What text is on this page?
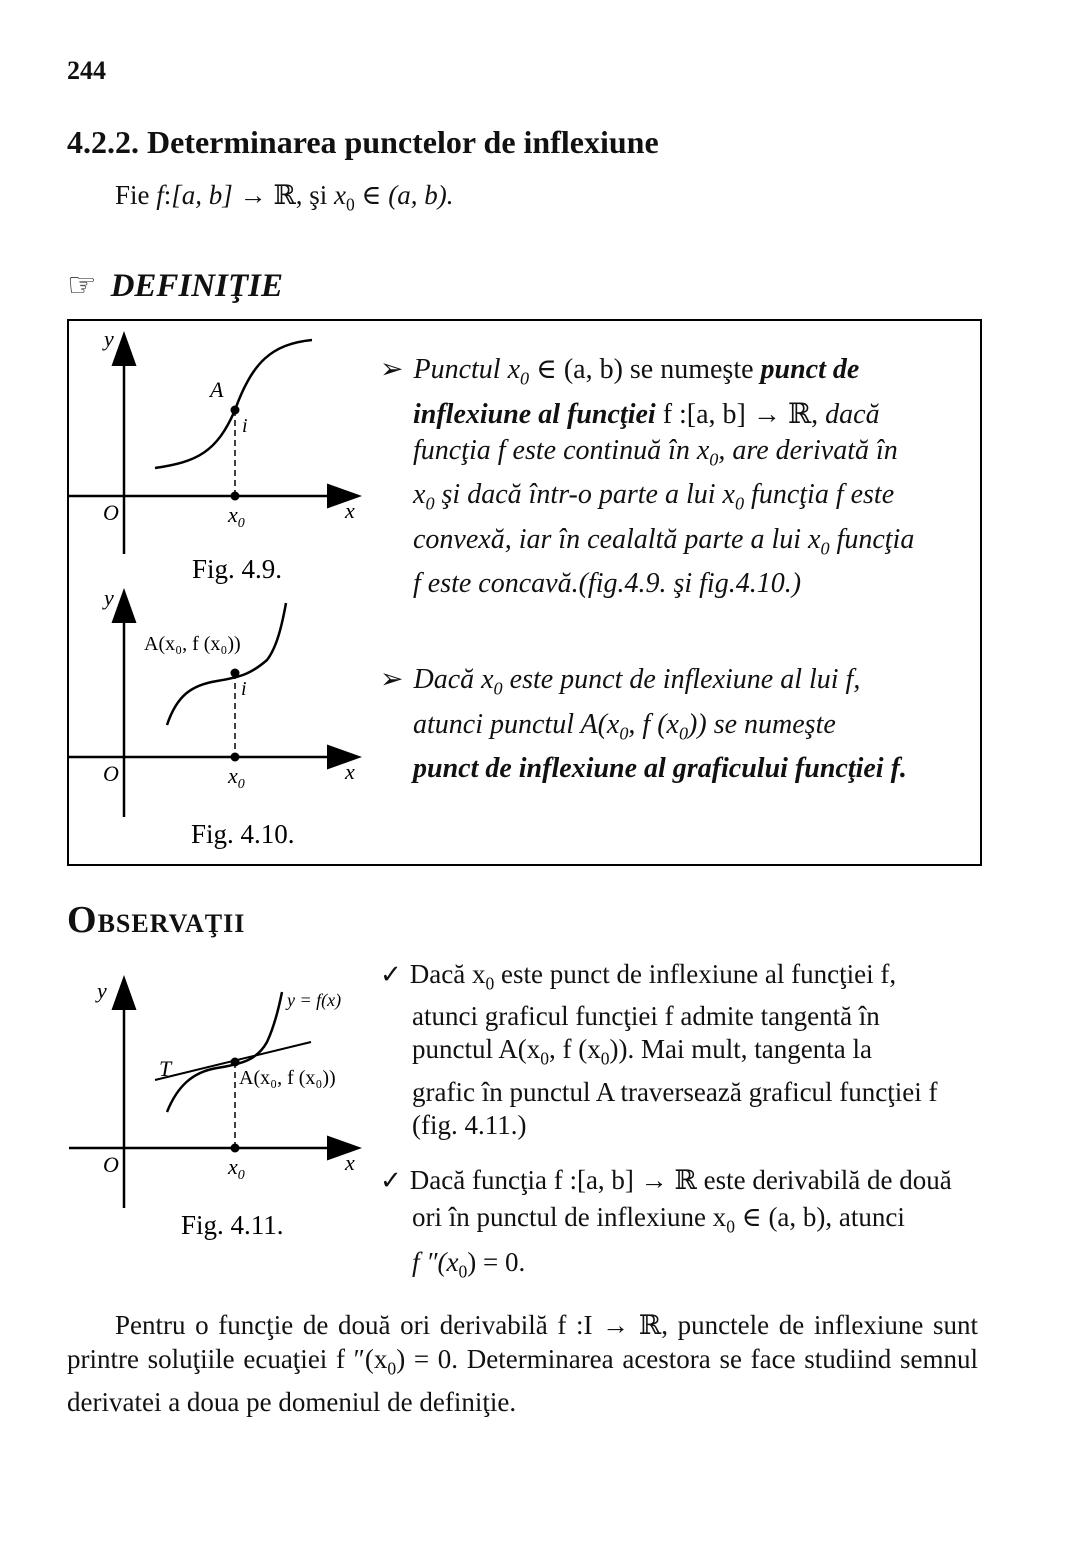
244
4.2.2. Determinarea punctelor de inflexiune
Fie f:[a, b] → ℝ, şi $x_0$ ∈ (a, b).
☞ DEFINIŢIE
y
x
O
A
i
$x_0$
Fig. 4.9.
y
x
O
A(x₀, f (x₀))
i
$x_0$
Fig. 4.10.
➢ Punctul $x_0$ ∈ (a, b) se numeşte punct de
inflexiune al funcţiei f :[a, b] → ℝ, dacă
funcţia f este continuă în $x_0$, are derivată în
$x_0$ şi dacă într-o parte a lui $x_0$ funcţia f este
convexă, iar în cealaltă parte a lui $x_0$ funcţia
f este concavă.(fig.4.9. şi fig.4.10.)
➢ Dacă $x_0$ este punct de inflexiune al lui f,
atunci punctul $A(x_0$, f $(x_0)$) se numeşte
punct de inflexiune al graficului funcţiei f.
OBSERVAŢII
y
x
O
T
y = f(x)
A(x₀, f (x₀))
$x_0$
Fig. 4.11.
✓ Dacă $x_0$ este punct de inflexiune al funcţiei f,
atunci graficul funcţiei f admite tangentă în
punctul $A(x_0$, f $(x_0)$). Mai mult, tangenta la
grafic în punctul A traversează graficul funcţiei f
(fig. 4.11.)
✓ Dacă funcţia f :[a, b] → ℝ este derivabilă de două
ori în punctul de inflexiune $x_0$ ∈ (a, b), atunci
f $''(x_0) = 0$.
Pentru o funcţie de două ori derivabilă f :I → ℝ, punctele de inflexiune sunt printre soluţiile ecuaţiei f $''(x_0) = 0$. Determinarea acestora se face studiind semnul derivatei a doua pe domeniul de definiţie.
